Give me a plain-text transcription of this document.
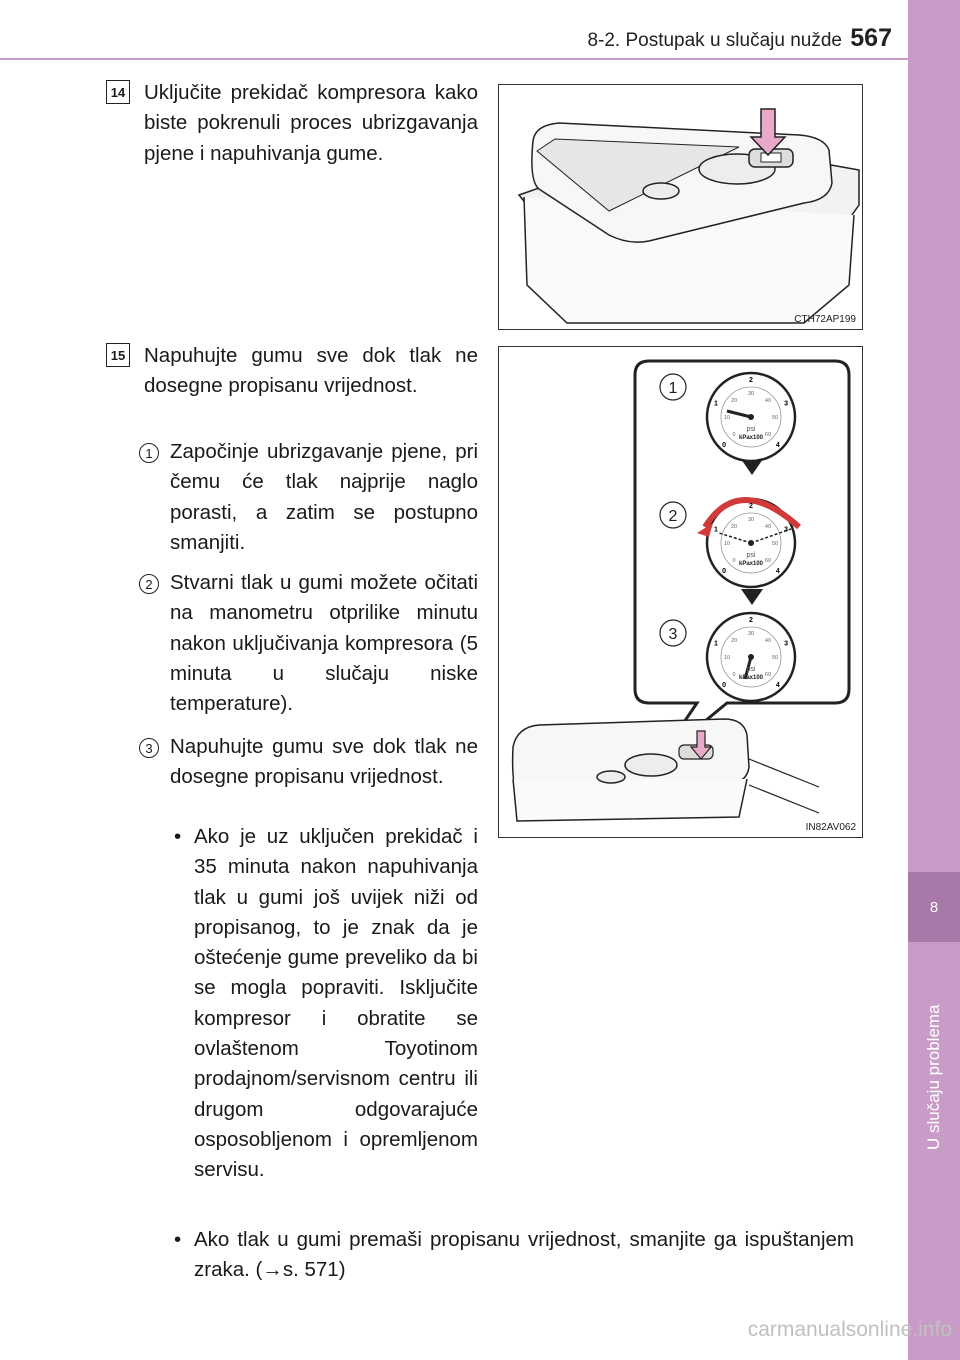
8
U slučaju problema
8-2. Postupak u slučaju nužde 567
14 Uključite prekidač kompresora kako biste pokrenuli proces ubrizgavanja pjene i napuhivanja gume.
CTH72AP199
15 Napuhujte gumu sve dok tlak ne dosegne propisanu vrijednost.
1 Započinje ubrizgavanje pjene, pri čemu će tlak najprije naglo porasti, a zatim se postupno smanjiti.
2 Stvarni tlak u gumi možete očitati na manometru otprilike minutu nakon uključivanja kompresora (5 minuta u slučaju niske temperature).
3 Napuhujte gumu sve dok tlak ne dosegne propisanu vrijednost.
• Ako je uz uključen prekidač i 35 minuta nakon napuhivanja tlak u gumi još uvijek niži od propisanog, to je znak da je oštećenje gume preveliko da bi se mogla popraviti. Isključite kompresor i obratite se ovlaštenom Toyotinom prodajnom/servisnom centru ili drugom odgovarajuće osposobljenom i opremljenom servisu.
• Ako tlak u gumi premaši propisanu vrijednost, smanjite ga ispuštanjem zraka. (→s. 571)
psi
kPax100
psi
kPax100
psi
kPax100
0
1
2
3
4
0
10
20
30
40
50
60
0
1
2
3
4
0
10
20
30
40
50
60
0
1
2
3
4
0
10
20
30
40
50
60
1
2
3
IN82AV062
carmanualsonline.info
